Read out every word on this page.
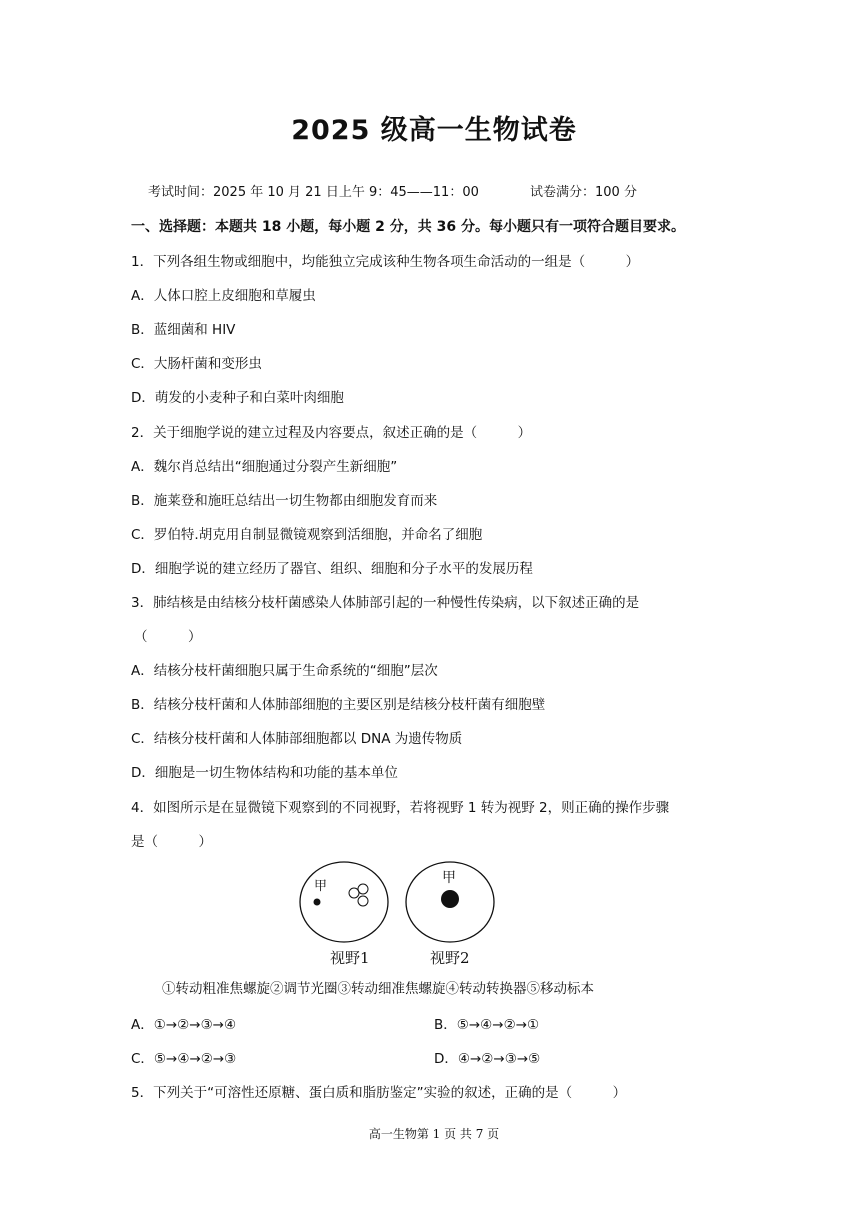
2025 级高一生物试卷
考试时间：2025 年 10 月 21 日上午 9：45——11：00	试卷满分：100 分
一、选择题：本题共 18 小题，每小题 2 分，共 36 分。每小题只有一项符合题目要求。
1．下列各组生物或细胞中，均能独立完成该种生物各项生命活动的一组是（　　　）
A．人体口腔上皮细胞和草履虫
B．蓝细菌和 HIV
C．大肠杆菌和变形虫
D．萌发的小麦种子和白菜叶肉细胞
2．关于细胞学说的建立过程及内容要点，叙述正确的是（　　　）
A．魏尔肖总结出“细胞通过分裂产生新细胞”
B．施莱登和施旺总结出一切生物都由细胞发育而来
C．罗伯特.胡克用自制显微镜观察到活细胞，并命名了细胞
D．细胞学说的建立经历了器官、组织、细胞和分子水平的发展历程
3．肺结核是由结核分枝杆菌感染人体肺部引起的一种慢性传染病，以下叙述正确的是
（　　　）
A．结核分枝杆菌细胞只属于生命系统的“细胞”层次
B．结核分枝杆菌和人体肺部细胞的主要区别是结核分枝杆菌有细胞壁
C．结核分枝杆菌和人体肺部细胞都以 DNA 为遗传物质
D．细胞是一切生物体结构和功能的基本单位
4．如图所示是在显微镜下观察到的不同视野，若将视野 1 转为视野 2，则正确的操作步骤
是（　　　）
甲
甲
视野1	视野2
①转动粗准焦螺旋②调节光圈③转动细准焦螺旋④转动转换器⑤移动标本
A．①→②→③→④	B．⑤→④→②→①
C．⑤→④→②→③	D．④→②→③→⑤
5．下列关于“可溶性还原糖、蛋白质和脂肪鉴定”实验的叙述，正确的是（　　　）
高一生物第 1 页 共 7 页
